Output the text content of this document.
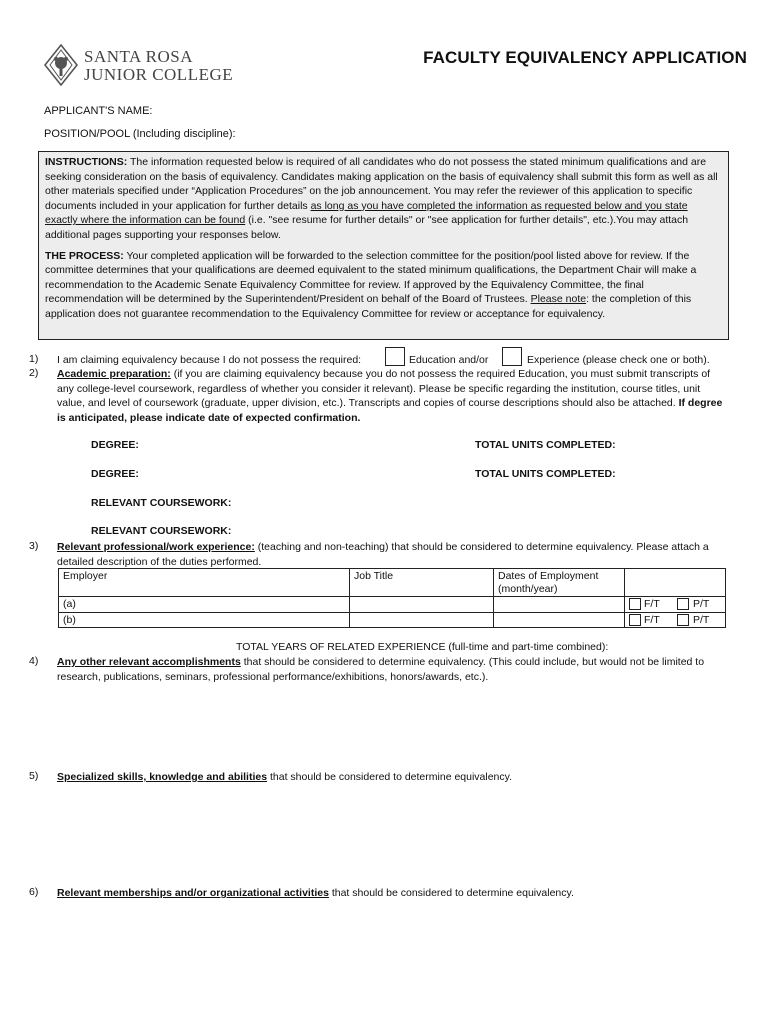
SANTA ROSA
JUNIOR COLLEGE
FACULTY EQUIVALENCY APPLICATION
APPLICANT'S NAME:
POSITION/POOL (Including discipline):

INSTRUCTIONS: The information requested below is required of all candidates who do not possess the stated minimum qualifications and are seeking consideration on the basis of equivalency. Candidates making application on the basis of equivalency shall submit this form as well as all other materials specified under “Application Procedures” on the job announcement. You may refer the reviewer of this application to specific documents included in your application for further details as long as you have completed the information as requested below and you state exactly where the information can be found (i.e. "see resume for further details" or "see application for further details", etc.).You may attach additional pages supporting your responses below.

THE PROCESS: Your completed application will be forwarded to the selection committee for the position/pool listed above for review. If the committee determines that your qualifications are deemed equivalent to the stated minimum qualifications, the Department Chair will make a recommendation to the Academic Senate Equivalency Committee for review. If approved by the Equivalency Committee, the final recommendation will be determined by the Superintendent/President on behalf of the Board of Trustees. Please note: the completion of this application does not guarantee recommendation to the Equivalency Committee for review or acceptance for equivalency.

1) I am claiming equivalency because I do not possess the required:	Education and/or	Experience (please check one or both).
2) Academic preparation: (if you are claiming equivalency because you do not possess the required Education, you must submit transcripts of any college-level coursework, regardless of whether you consider it relevant). Please be specific regarding the institution, course titles, unit value, and level of coursework (graduate, upper division, etc.). Transcripts and copies of course descriptions should also be attached. If degree is anticipated, please indicate date of expected confirmation.
DEGREE:	TOTAL UNITS COMPLETED:
DEGREE:	TOTAL UNITS COMPLETED:
RELEVANT COURSEWORK:
RELEVANT COURSEWORK:
3) Relevant professional/work experience: (teaching and non-teaching) that should be considered to determine equivalency. Please attach a detailed description of the duties performed.
Employer	Job Title	Dates of Employment
(month/year)	
(a)			F/T P/T

(b)			F/T P/T
TOTAL YEARS OF RELATED EXPERIENCE (full-time and part-time combined):
4) Any other relevant accomplishments that should be considered to determine equivalency. (This could include, but would not be limited to research, publications, seminars, professional performance/exhibitions, honors/awards, etc.).
5) Specialized skills, knowledge and abilities that should be considered to determine equivalency.
6) Relevant memberships and/or organizational activities that should be considered to determine equivalency.
